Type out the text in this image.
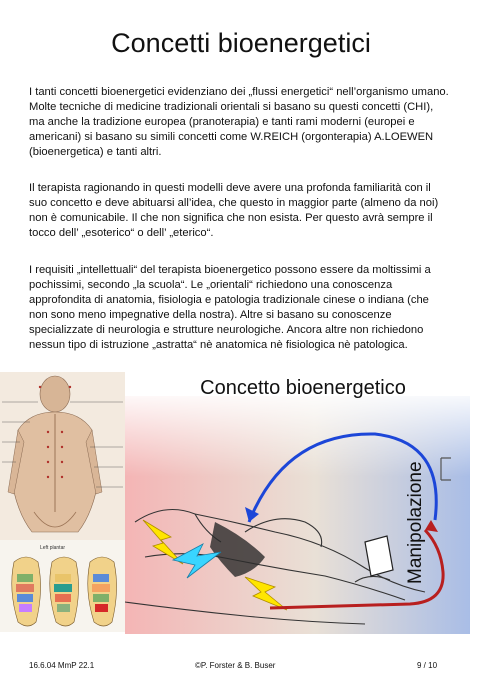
Concetti bioenergetici

I tanti concetti bioenergetici evidenziano dei „flussi energetici“ nell’organismo umano. Molte tecniche di medicine tradizionali orientali si basano su questi concetti (CHI), ma anche la tradizione europea (pranoterapia) e tanti rami moderni (europei e americani) si basano su simili concetti come W.REICH (orgonterapia) A.LOEWEN (bioenergetica) e tanti altri.

Il terapista ragionando in questi modelli deve avere una profonda familiarità con il suo concetto e deve abituarsi all’idea, che questo in maggior parte (almeno da noi) non è comunicabile. Il che non significa che non esista. Per questo avrà sempre il tocco dell’ „esoterico“ o dell’ „eterico“.

I requisiti „intellettuali“ del terapista bioenergetico possono essere da moltissimi a pochissimi, secondo „la scuola“. Le „orientali“ richiedono una conoscenza approfondita di anatomia, fisiologia e patologia tradizionale cinese o indiana (che non sono meno impegnative della nostra). Altre si basano su conoscenze specializzate di neurologia e strutture neurologiche. Ancora altre non richiedono nessun tipo di istruzione „astratta“ nè anatomica nè fisiologica nè patologica.

Left plantar
Concetto bioenergetico
Manipolazione
16.6.04 MmP 22.1	©P. Forster & B. Buser	9 / 10
